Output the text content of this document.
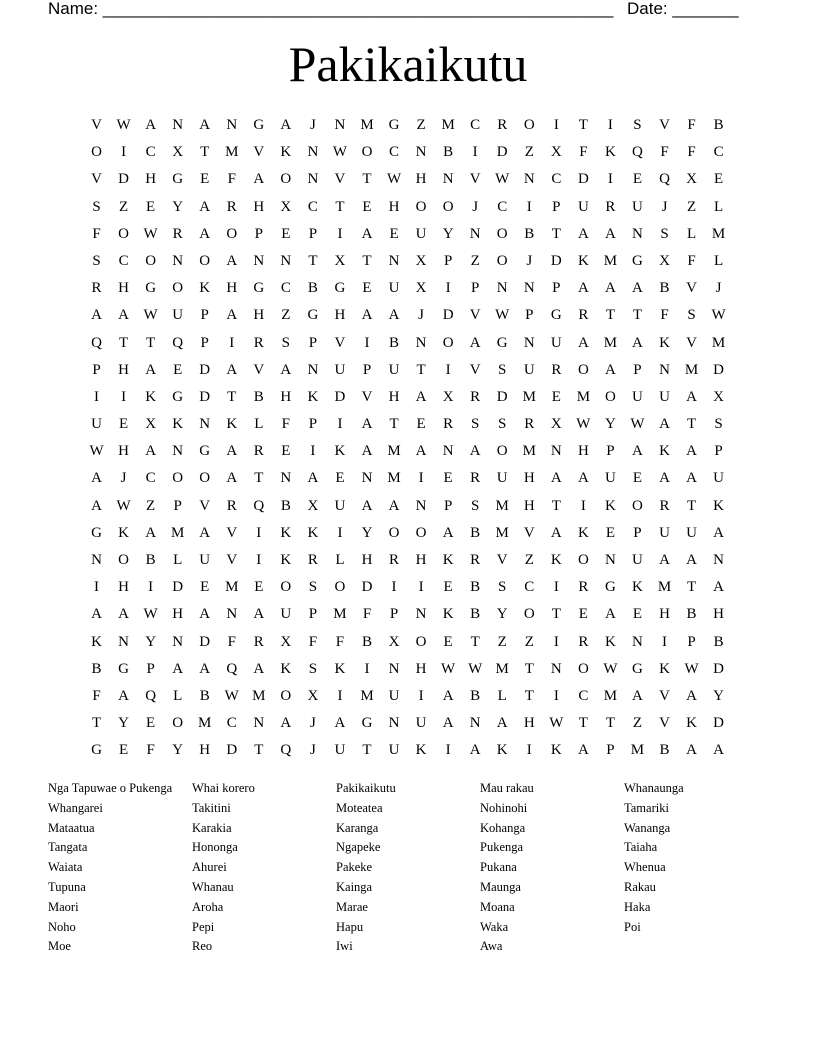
Name: ______________________________________________________ Date: _______
Pakikaikutu
V W A	N	A	N	G	A	J	N M G	Z	M	C	R	O	I	T	I	S	V	F	B
O	I	C	X	T	M V	K	N W O	C	N	B	I	D	Z	X	F	K	Q	F	F	C
V	D	H	G	E	F	A	O	N	V	T	W H	N	V W N	C	D	I	E	Q	X	E
S	Z	E	Y	A	R	H	X	C	T	E	H	O	O	J	C	I	P	U	R	U	J	Z	L
F	O W R	A	O	P	E	P	I	A	E	U	Y	N	O	B	T	A	A	N	S	L	M
S	C	O	N	O	A	N	N	T	X	T	N	X	P	Z	O	J	D	K M G	X	F	L
R	H	G	O	K	H	G	C	B	G	E	U	X	I	P	N	N	P	A	A	A	B	V	J
A	A W U	P	A	H	Z	G	H	A	A	J	D	V W	P	G	R	T	T	F	S	W
Q	T	T	Q	P	I	R	S	P	V	I	B	N	O	A	G	N	U	A M A	K	V M
P	H	A	E	D	A	V	A	N	U	P	U	T	I	V	S	U	R	O	A	P	N M D
I	I	K	G	D	T	B	H	K	D	V	H	A	X	R	D M	E	M O	U	U	A	X
U	E	X	K	N	K	L	F	P	I	A	T	E	R	S	S	R	X W Y W A	T	S
W H	A	N	G	A	R	E	I	K	A M A	N	A	O M N	H	P	A	K	A	P
A	J	C	O	O	A	T	N	A	E	N M	I	E	R	U	H	A	A	U	E	A	A	U
A W	Z	P	V	R	Q	B	X	U	A	A	N	P	S	M H	T	I	K	O	R	T	K
G	K	A M A	V	I	K	K	I	Y	O	O	A	B	M V	A	K	E	P	U	U	A
N	O	B	L	U	V	I	K	R	L	H	R	H	K	R	V	Z	K	O	N	U	A	A	N
I	H	I	D	E	M	E	O	S	O	D	I	I	E	B	S	C	I	R	G	K M	T	A
A	A W H	A	N	A	U	P	M	F	P	N	K	B	Y	O	T	E	A	E	H	B	H
K	N	Y	N	D	F	R	X	F	F	B	X	O	E	T	Z	Z	I	R	K	N	I	P	B
B	G	P	A	A	Q	A	K	S	K	I	N	H W W M	T	N	O W G	K W D
F	A	Q	L	B W M O	X	I	M U	I	A	B	L	T	I	C	M A	V	A	Y
T	Y	E	O M	C	N	A	J	A	G	N	U	A	N	A	H W	T	T	Z	V	K	D
G	E	F	Y	H	D	T	Q	J	U	T	U	K	I	A	K	I	K	A	P	M	B	A	A
Nga Tapuwae o Pukenga	Whai korero	Pakikaikutu	Mau rakau	Whanaunga
Whangarei	Takitini	Moteatea	Nohinohi	Tamariki
Mataatua	Karakia	Karanga	Kohanga	Wananga
Tangata	Hononga	Ngapeke	Pukenga	Taiaha
Waiata	Ahurei	Pakeke	Pukana	Whenua
Tupuna	Whanau	Kainga	Maunga	Rakau
Maori	Aroha	Marae	Moana	Haka
Noho	Pepi	Hapu	Waka	Poi
Moe	Reo	Iwi	Awa
